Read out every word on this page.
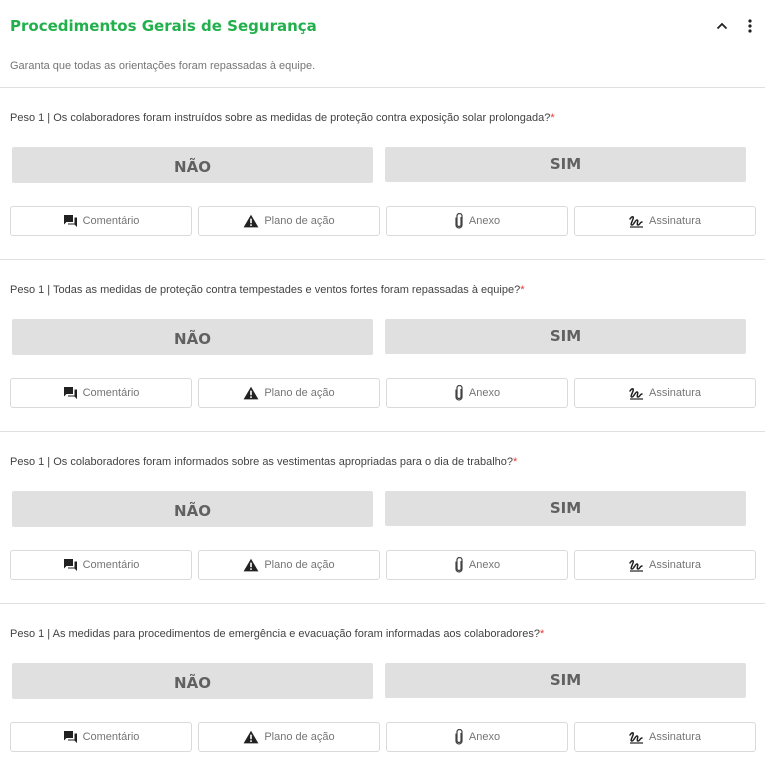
Procedimentos Gerais de Segurança
Garanta que todas as orientações foram repassadas à equipe.
Peso 1 | Os colaboradores foram instruídos sobre as medidas de proteção contra exposição solar prolongada?*
NÃO	SIM
Comentário	Plano de ação	Anexo	Assinatura
Peso 1 | Todas as medidas de proteção contra tempestades e ventos fortes foram repassadas à equipe?*
NÃO	SIM
Comentário	Plano de ação	Anexo	Assinatura
Peso 1 | Os colaboradores foram informados sobre as vestimentas apropriadas para o dia de trabalho?*
NÃO	SIM
Comentário	Plano de ação	Anexo	Assinatura
Peso 1 | As medidas para procedimentos de emergência e evacuação foram informadas aos colaboradores?*
NÃO	SIM
Comentário	Plano de ação	Anexo	Assinatura
